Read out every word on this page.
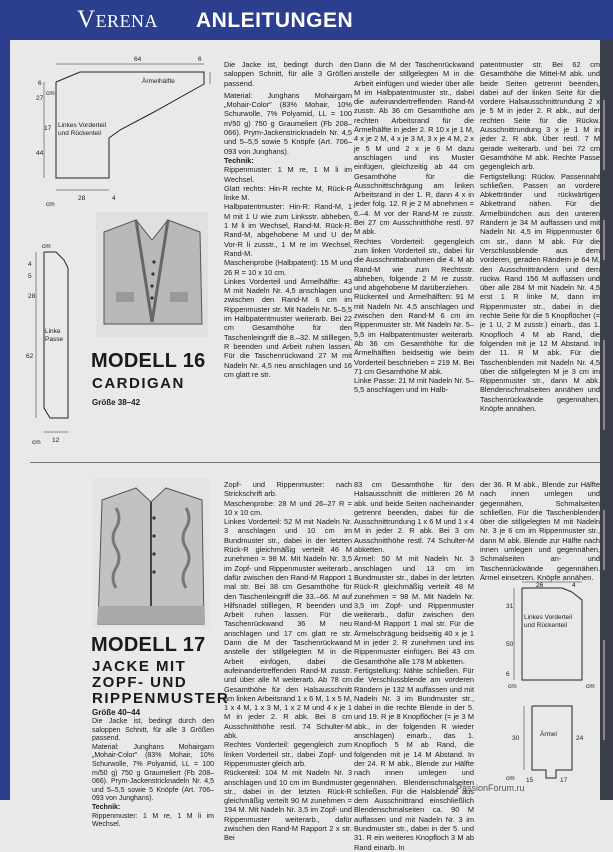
VERENA ANLEITUNGEN
64	6
27
6
17
44
28	4
cm
cm
Ärmelhälfte
Linkes Vorderteil und Rückenteil
28
4
5
62
12
cm
cm
Linke Passe
MODELL 16
CARDIGAN
Größe 38–42

Die Jacke ist, bedingt durch den saloppen Schnitt, für alle 3 Größen passend.

Material: Junghans Mohairgarn „Mohair-Color" (83% Mohair, 10% Schurwolle, 7% Polyamid, LL = 100 m/50 g) 750 g Graumeliert (Fb 208–066). Prym-Jackenstricknadeln Nr. 4,5 und 5–5,5 sowie 5 Knöpfe (Art. 706–093 von Junghans).

Technik:

Rippenmuster: 1 M re, 1 M li im Wechsel.

Glatt rechts: Hin-R rechte M, Rück-R linke M.

Halbpatentmuster: Hin-R: Rand-M, 1 M mit 1 U wie zum Linksstr. abheben, 1 M li im Wechsel, Rand-M. Rück-R: Rand-M, abgehobene M und U der Vor-R li zusstr., 1 M re im Wechsel, Rand-M.

Maschenprobe (Halbpatent): 15 M und 26 R = 10 x 10 cm.

Linkes Vorderteil und Ärmelhälfte: 43 M mit Nadeln Nr. 4,5 anschlagen und zwischen den Rand-M 6 cm im Rippenmuster str. Mit Nadeln Nr. 5–5,5 im Halbpatentmuster weiterarb. Bei 22 cm Gesamthöhe für den Taschenleingriff die 8.–32. M stilllegen, R beenden und Arbeit ruhen lassen. Für die Taschenrückwand 27 M mit Nadeln Nr. 4,5 neu anschlagen und 16 cm glatt re str.

Dann die M der Taschenrückwand anstelle der stillgelegten M in die Arbeit einfügen und wieder über alle M im Halbpatentmuster str., dabei die aufeinandertreffenden Rand-M zusstr. Ab 36 cm Gesamthöhe am rechten Arbeitsrand für die Ärmelhälfte in jeder 2. R 10 x je 1 M, 4 x je 2 M, 4 x je 3 M, 3 x je 4 M, 2 x je 5 M und 2 x je 6 M dazu anschlagen und ins Muster einfügen, gleichzeitig ab 44 cm Gesamthöhe für die Ausschnittschrägung am linken Arbeitsrand in der 1. R, dann 4 x in jeder folg. 12. R je 2 M abnehmen = 6.–4. M vor der Rand-M re zusstr. Bei 27 cm Ausschnitthöhe restl. 97 M abk.

Rechtes Vorderteil: gegengleich zum linken Vorderteil str., dabei für die Ausschnittabnahmen die 4. M ab Rand-M wie zum Rechtsstr. abheben, folgende 2 M re zusstr. und abgehobene M darüberziehen.

Rückenteil und Ärmelhälften: 91 M mit Nadeln Nr. 4,5 anschlagen und zwischen den Rand-M 6 cm im Rippenmuster str. Mit Nadeln Nr. 5–5,5 im Halbpatentmuster weiterarb. Ab 36 cm Gesamthöhe für die Ärmelhälften beidseitig wie beim Vorderteil beschrieben = 219 M. Bei 71 cm Gesamthöhe M abk.

Linke Passe: 21 M mit Nadeln Nr. 5–5,5 anschlagen und im Halb-

patentmuster str. Bei 62 cm Gesamthöhe die Mittel-M abk. und beide Seiten getrennt beenden, dabei auf der linken Seite für die vordere Halsausschnittrundung 2 x je 5 M in jeder 2. R abk., auf der rechten Seite für die Rückw. Ausschnittrundung 3 x je 1 M in jeder 2. R abk. Über restl. 7 M gerade weiterarb. und bei 72 cm Gesamthöhe M abk. Rechte Passe gegengleich arb.

Fertigstellung: Rückw. Passennaht schließen. Passen an vordere Abkettränder und rückwärtigen Abkettrand nähen. Für die Ärmelbündchen aus den unteren Rändern je 34 M auffassen und mit Nadeln Nr. 4,5 im Rippenmuster 6 cm str., dann M abk. Für die Verschlussblende aus dem vorderen, geraden Rändern je 64 M, den Ausschnitträndern und dem rückw. Rand 156 M auffassen und über alle 284 M mit Nadeln Nr. 4,5 erst 1 R linke M, dann im Rippenmuster str., dabei in die rechte Seite für die 5 Knopflöcher (= je 1 U, 2 M zusstr.) einarb., das 1. Knopfloch 4 M ab Rand, die folgenden mit je 12 M Abstand. In der 11. R M abk. Für die Taschenblenden mit Nadeln Nr. 4,5 über die stillgelegten M je 3 cm im Rippenmuster str., dann M abk. Blendenschmalseiten annähen und Taschenrückwände gegennähen, Knöpfe annähen.

MODELL 17
JACKE MIT
ZOPF- UND
RIPPENMUSTER
Größe 40–44

Die Jacke ist, bedingt durch den saloppen Schnitt, für alle 3 Größen passend.

Material: Junghans Mohairgarn „Mohair-Color" (83% Mohair, 10% Schurwolle, 7% Polyamid, LL = 100 m/50 g) 750 g Graumeliert (Fb 208–066). Prym-Jackenstricknadeln Nr. 4,5 und 5–5,5 sowie 5 Knöpfe (Art. 706–093 von Junghans).

Technik:

Rippenmuster: 1 M re, 1 M li im Wechsel.

Zopf- und Rippenmuster: nach Strickschrift arb.

Maschenprobe: 28 M und 26–27 R = 10 x 10 cm.

Linkes Vorderteil: 52 M mit Nadeln Nr. 3 anschlagen und 10 cm im Bundmuster str., dabei in der letzten Rück-R gleichmäßig verteilt 46 M zunehmen = 98 M. Mit Nadeln Nr. 3,5 im Zopf- und Rippenmuster weiterarb., dafür zwischen den Rand-M Rapport 1 mal str. Bei 38 cm Gesamthöhe für den Taschenleingriff die 33.–66. M auf Hilfsnadel stilllegen, R beenden und Arbeit ruhen lassen. Für die Taschenrückwand 36 M neu anschlagen und 17 cm glatt re str. Dann die M der Taschenrückwand anstelle der stillgelegten M in die Arbeit einfügen, dabei die aufeinandertreffenden Rand-M zusstr. und über alle M weiterarb. Ab 78 cm Gesamthöhe für den Halsausschnitt am linken Arbeitsrand 1 x 6 M, 1 x 5 M, 1 x 4 M, 1 x 3 M, 1 x 2 M und 4 x je 1 M in jeder 2. R abk. Bei 8 cm Ausschnitthöhe restl. 74 Schulter-M abk.

Rechtes Vorderteil: gegengleich zum linken Vorderteil str., dabei Zopf- und Rippenmuster gleich arb.

Rückenteil: 104 M mit Nadeln Nr. 3 anschlagen und 10 cm im Bundmuster str., dabei in der letzten Rück-R gleichmäßig verteilt 90 M zunehmen = 194 M. Mit Nadeln Nr. 3,5 im Zopf- und Rippenmuster weiterarb., dafür zwischen den Rand-M Rapport 2 x str. Bei

83 cm Gesamthöhe für den Halsausschnitt die mittleren 26 M abk. und beide Seiten nacheinander getrennt beenden, dabei für die Ausschnittrundung 1 x 6 M und 1 x 4 M in jeder 2. R abk. Bei 3 cm Ausschnitthöhe restl. 74 Schulter-M abketten.

Ärmel: 50 M mit Nadeln Nr. 3 anschlagen und 13 cm im Bundmuster str., dabei in der letzten Rück-R gleichmäßig verteilt 48 M zunehmen = 98 M. Mit Nadeln Nr. 3,5 im Zopf- und Rippenmuster weiterarb., dafür zwischen den Rand-M Rapport 1 mal str. Für die Ärmelschrägung beidseitig 40 x je 1 M in jeder 2. R zunehmen und ins Rippenmuster einfügen. Bei 43 cm Gesamthöhe alle 178 M abketten.

Fertigstellung: Nähte schließen. Für die Verschlussblende am vorderen Rändern je 132 M auffassen und mit Nadeln Nr. 3 im Bundmuster str., dabei in die rechte Blende in der 5. und 19. R je 8 Knopflöcher (= je 3 M abk., in der folgenden R wieder anschlagen) einarb., das 1. Knopfloch 5 M ab Rand, die folgenden mit je 14 M Abstand. In der 24. R M abk., Blende zur Hälfte nach innen umlegen und gegennähen. Blendenschmalseiten schließen. Für die Halsblende aus dem Ausschnittrand einschließlich Blendenschmalseiten ca. 90 M auffassen und mit Nadeln Nr. 3 im Bundmuster str., dabei in der 5. und 31. R ein weiteres Knopfloch 3 M ab Rand einarb. In

der 36. R M abk., Blende zur Hälfte nach innen umlegen und gegennähen, Schmalseiten schließen. Für die Taschenblenden über die stillgelegten M mit Nadeln Nr. 3 je 6 cm im Rippenmuster str., dann M abk. Blende zur Hälfte nach innen umlegen und gegennähen, Schmalseiten an- und Taschenrückwände gegennähen. Ärmel einsetzen. Knöpfe annähen.

26	4
31
50
6
cm	cm
Linkes Vorderteil und Rückenteil
30
15	17
24
cm
Ärmel
PassionForum.ru
